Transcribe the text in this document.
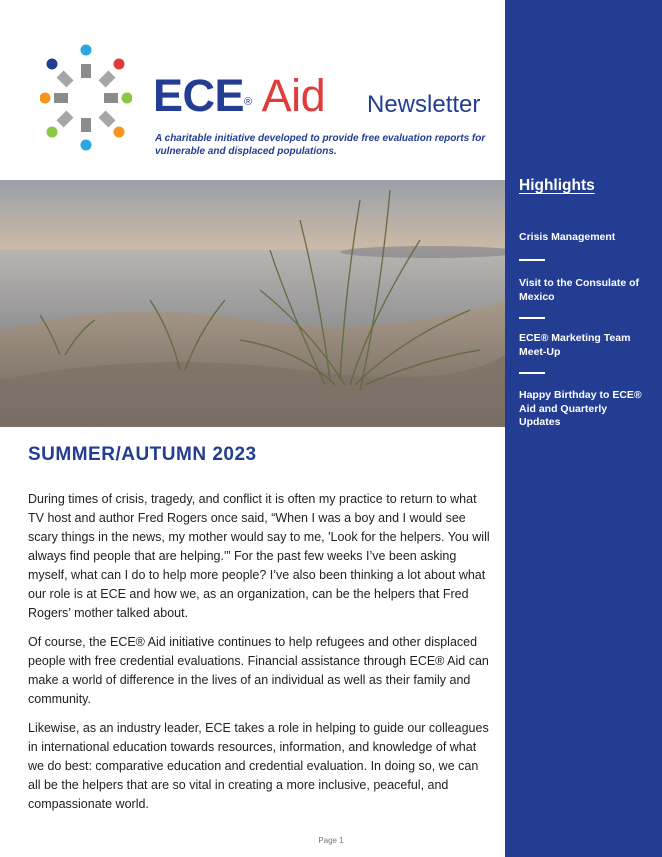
Highlights
Crisis Management
Visit to the Consulate of Mexico
ECE® Marketing Team Meet-Up
Happy Birthday to ECE® Aid and Quarterly Updates
ECE® Aid Newsletter
A charitable initiative developed to provide free evaluation reports for vulnerable and displaced populations.
SUMMER/AUTUMN 2023

During times of crisis, tragedy, and conflict it is often my practice to return to what TV host and author Fred Rogers once said, “When I was a boy and I would see scary things in the news, my mother would say to me, 'Look for the helpers. You will always find people that are helping.'” For the past few weeks I’ve been asking myself, what can I do to help more people? I’ve also been thinking a lot about what our role is at ECE and how we, as an organization, can be the helpers that Fred Rogers’ mother talked about.

Of course, the ECE® Aid initiative continues to help refugees and other displaced people with free credential evaluations. Financial assistance through ECE® Aid can make a world of difference in the lives of an individual as well as their family and community.

Likewise, as an industry leader, ECE takes a role in helping to guide our colleagues in international education towards resources, information, and knowledge of what we do best: comparative education and credential evaluation. In doing so, we can all be the helpers that are so vital in creating a more inclusive, peaceful, and compassionate world.

Page 1
